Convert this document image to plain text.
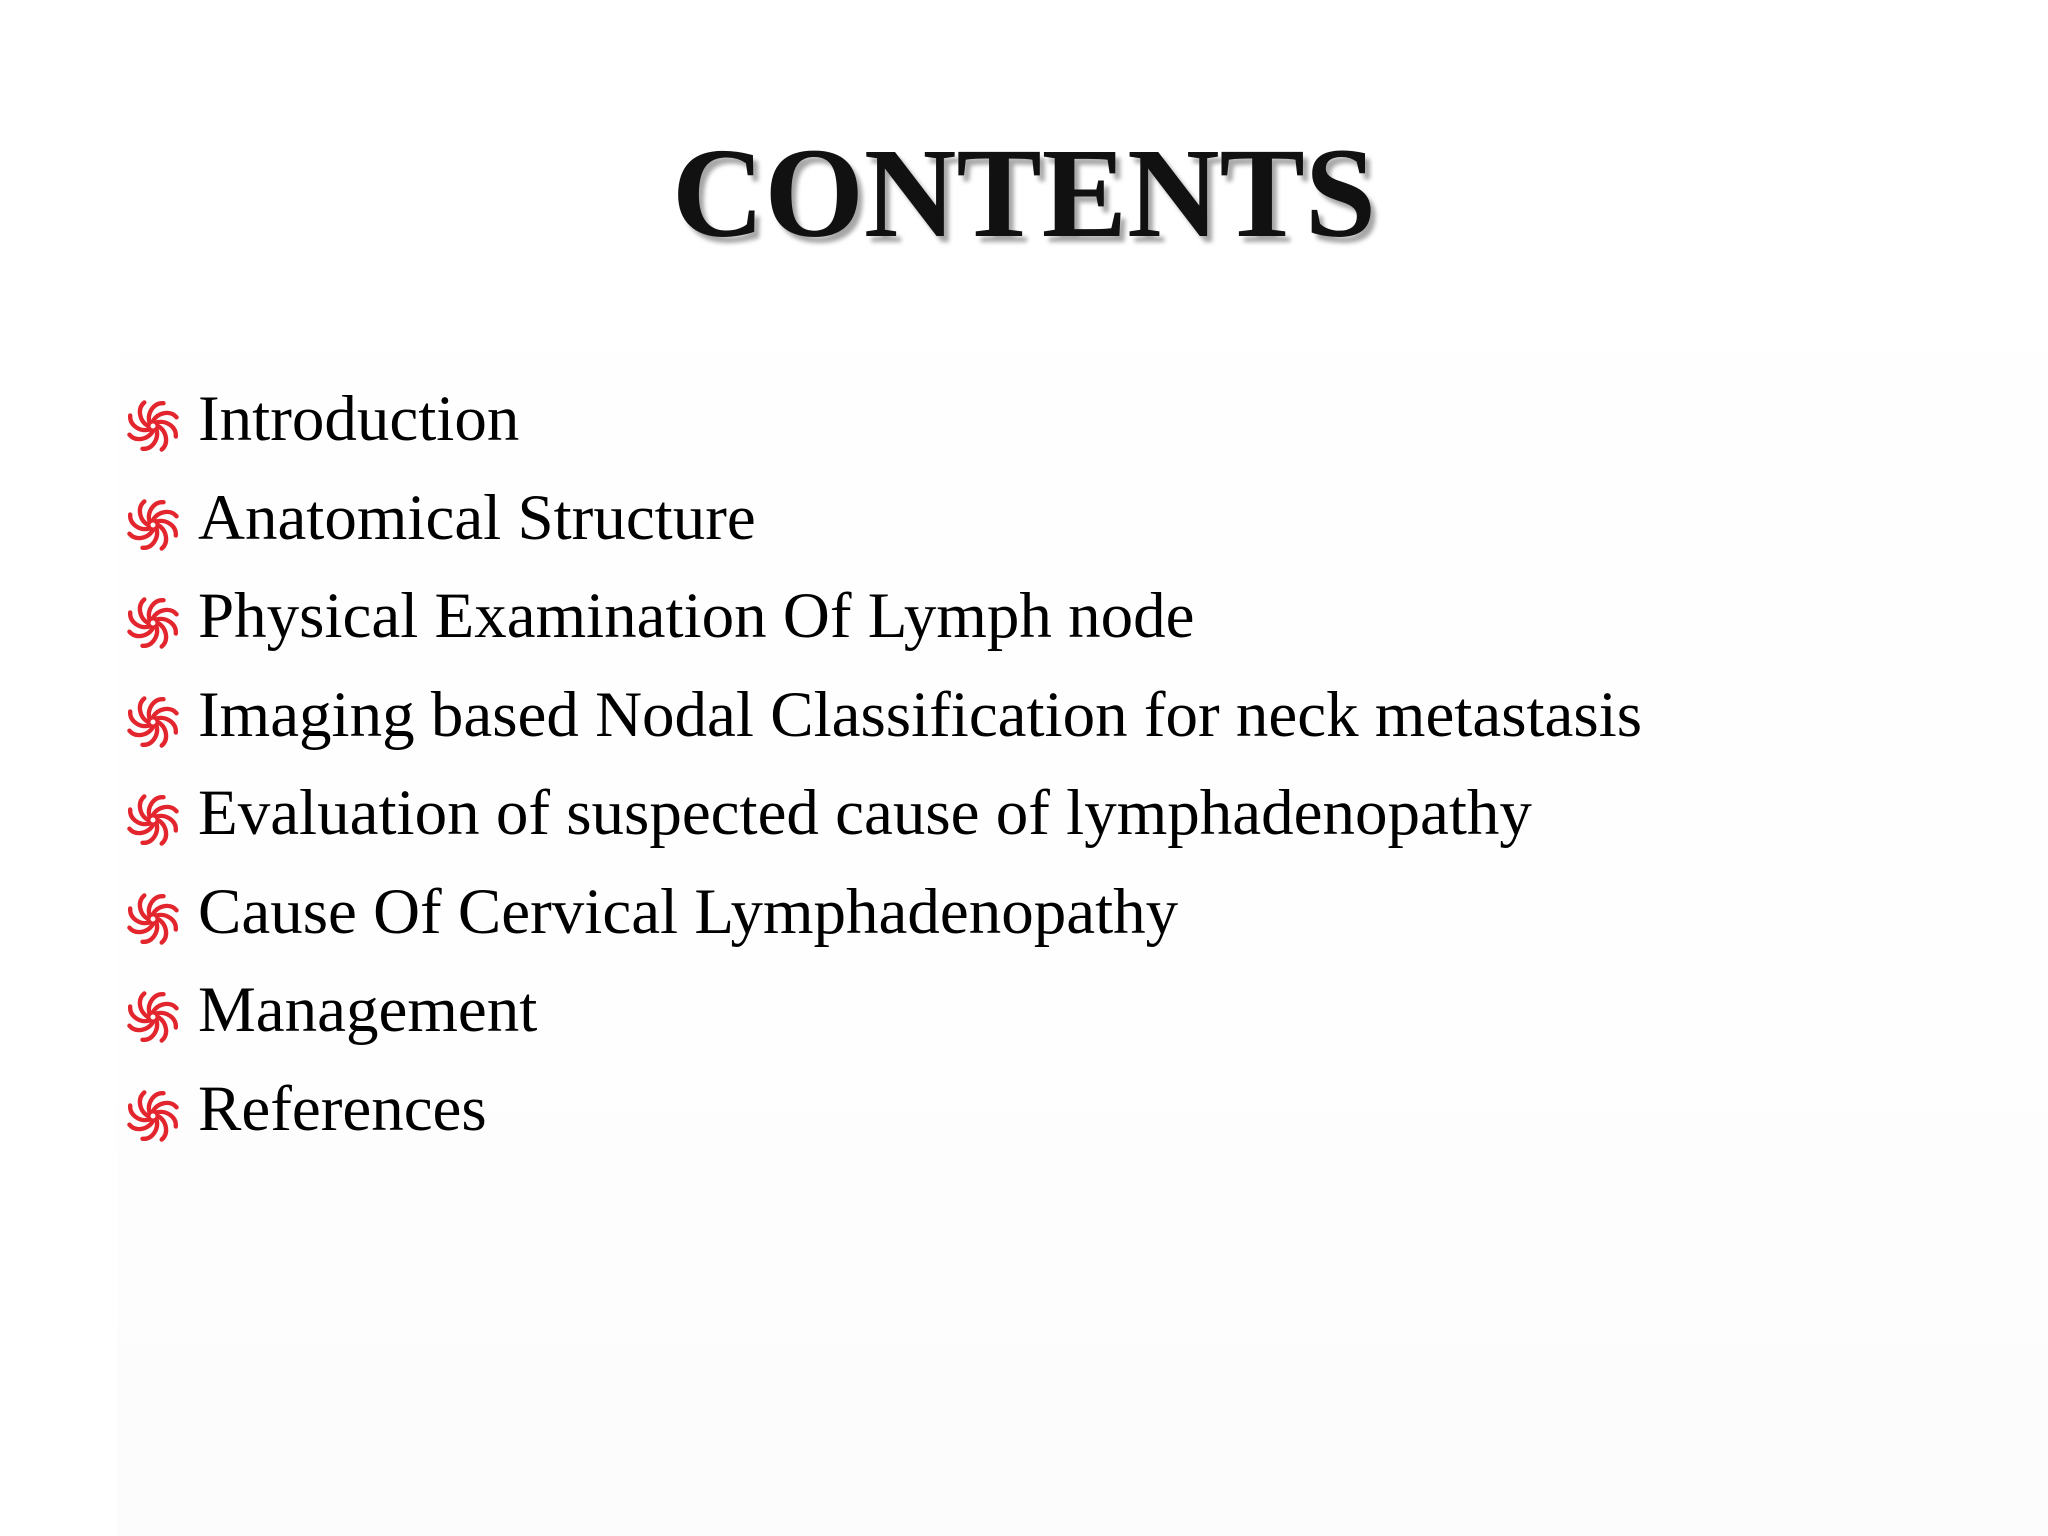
CONTENTS
Introduction
Anatomical Structure
Physical Examination Of Lymph node
Imaging based Nodal Classification for neck metastasis
Evaluation of suspected cause of lymphadenopathy
Cause Of Cervical Lymphadenopathy
Management
References
